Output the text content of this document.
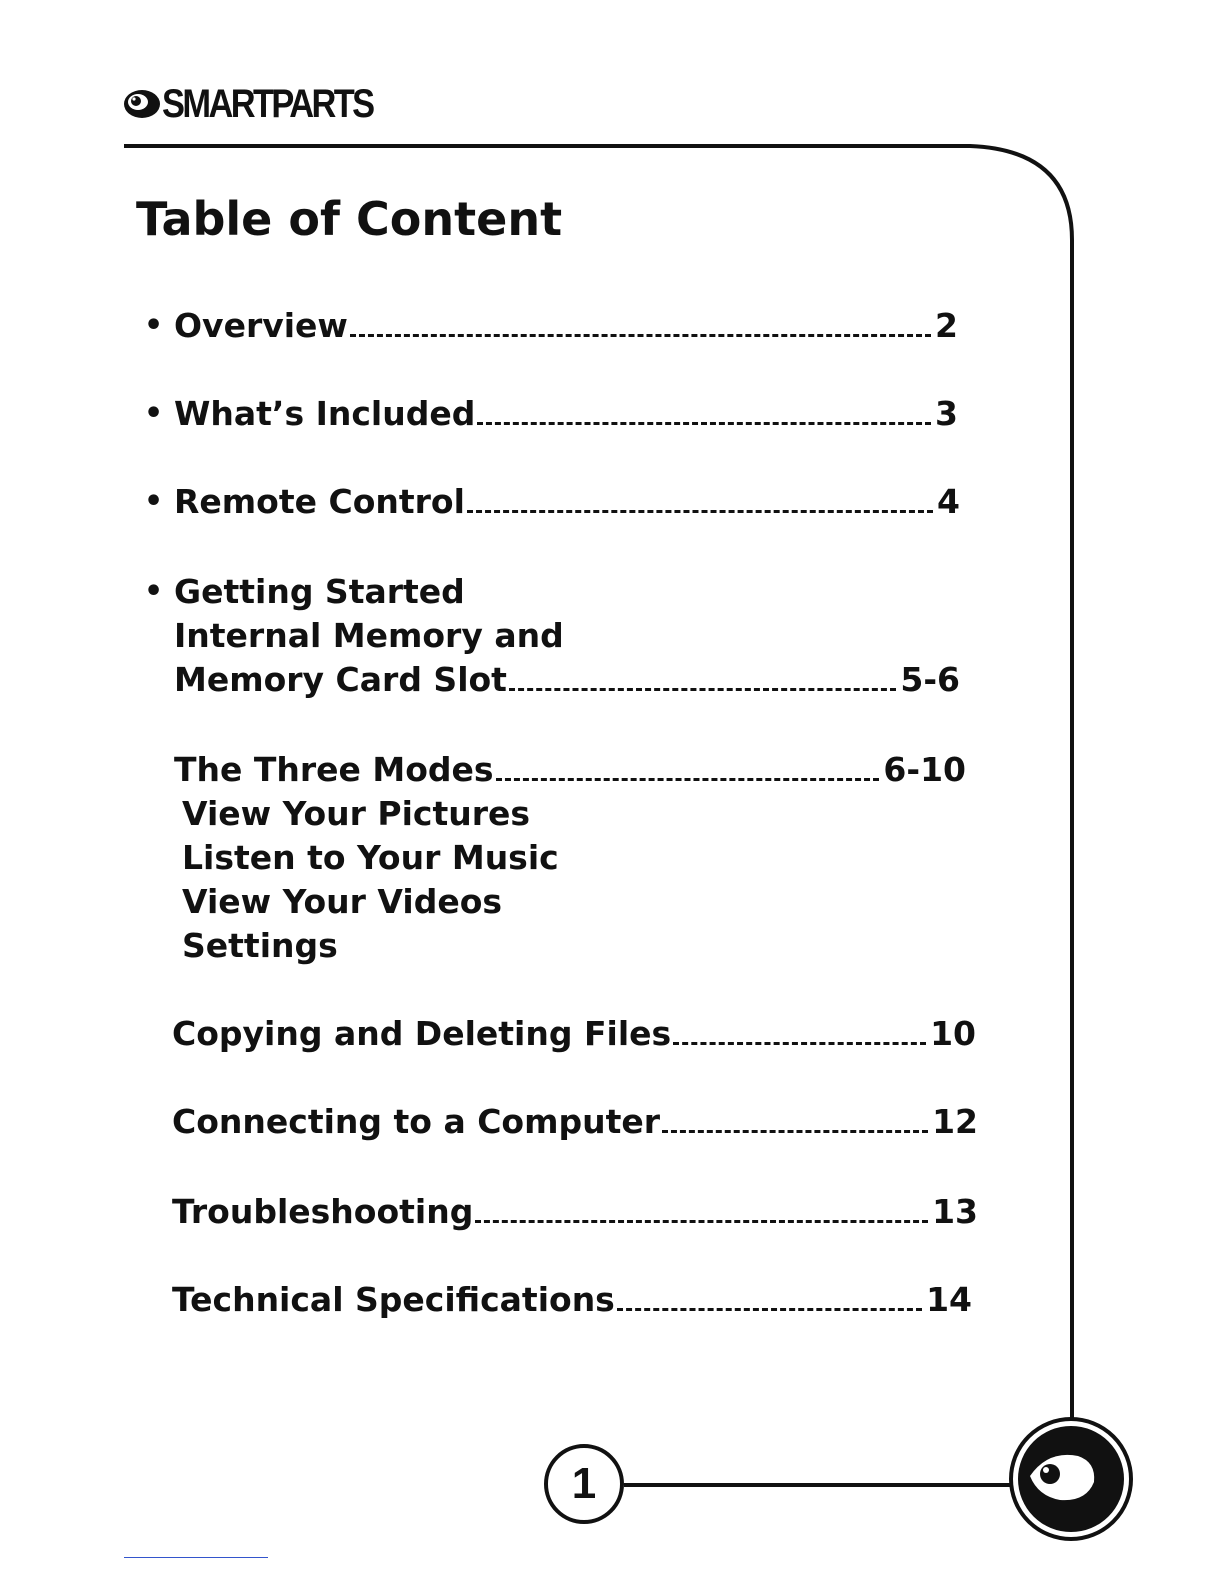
SMARTPARTS
Table of Content
• Overview	2
• What’s Included	3
• Remote Control	4
• Getting Started
Internal Memory and
Memory Card Slot	5-6
The Three Modes	6-10
View Your Pictures
Listen to Your Music
View Your Videos
Settings
Copying and Deleting Files	10
Connecting to a Computer	12
Troubleshooting	13
Technical Specifications	14
1
